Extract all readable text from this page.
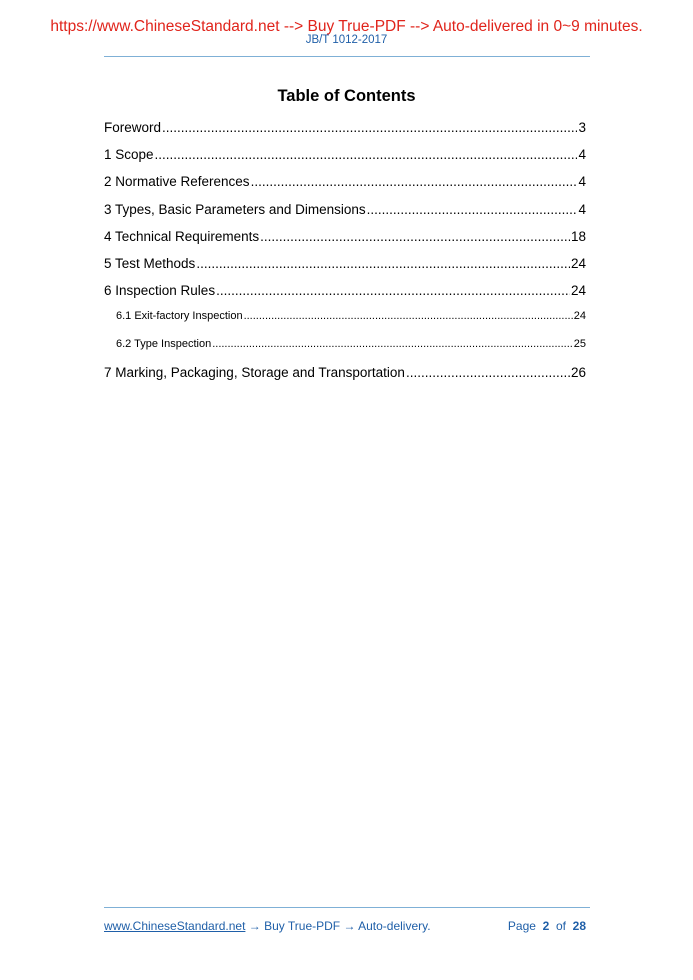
https://www.ChineseStandard.net --> Buy True-PDF --> Auto-delivered in 0~9 minutes.
JB/T 1012-2017
Table of Contents
Foreword .....	3
1 Scope .....	4
2 Normative References .....	4
3 Types, Basic Parameters and Dimensions .....	4
4 Technical Requirements .....	18
5 Test Methods .....	24
6 Inspection Rules .....	24
6.1 Exit-factory Inspection .....	24
6.2 Type Inspection .....	25
7 Marking, Packaging, Storage and Transportation .....	26
www.ChineseStandard.net → Buy True-PDF → Auto-delivery.	Page 2 of 28
